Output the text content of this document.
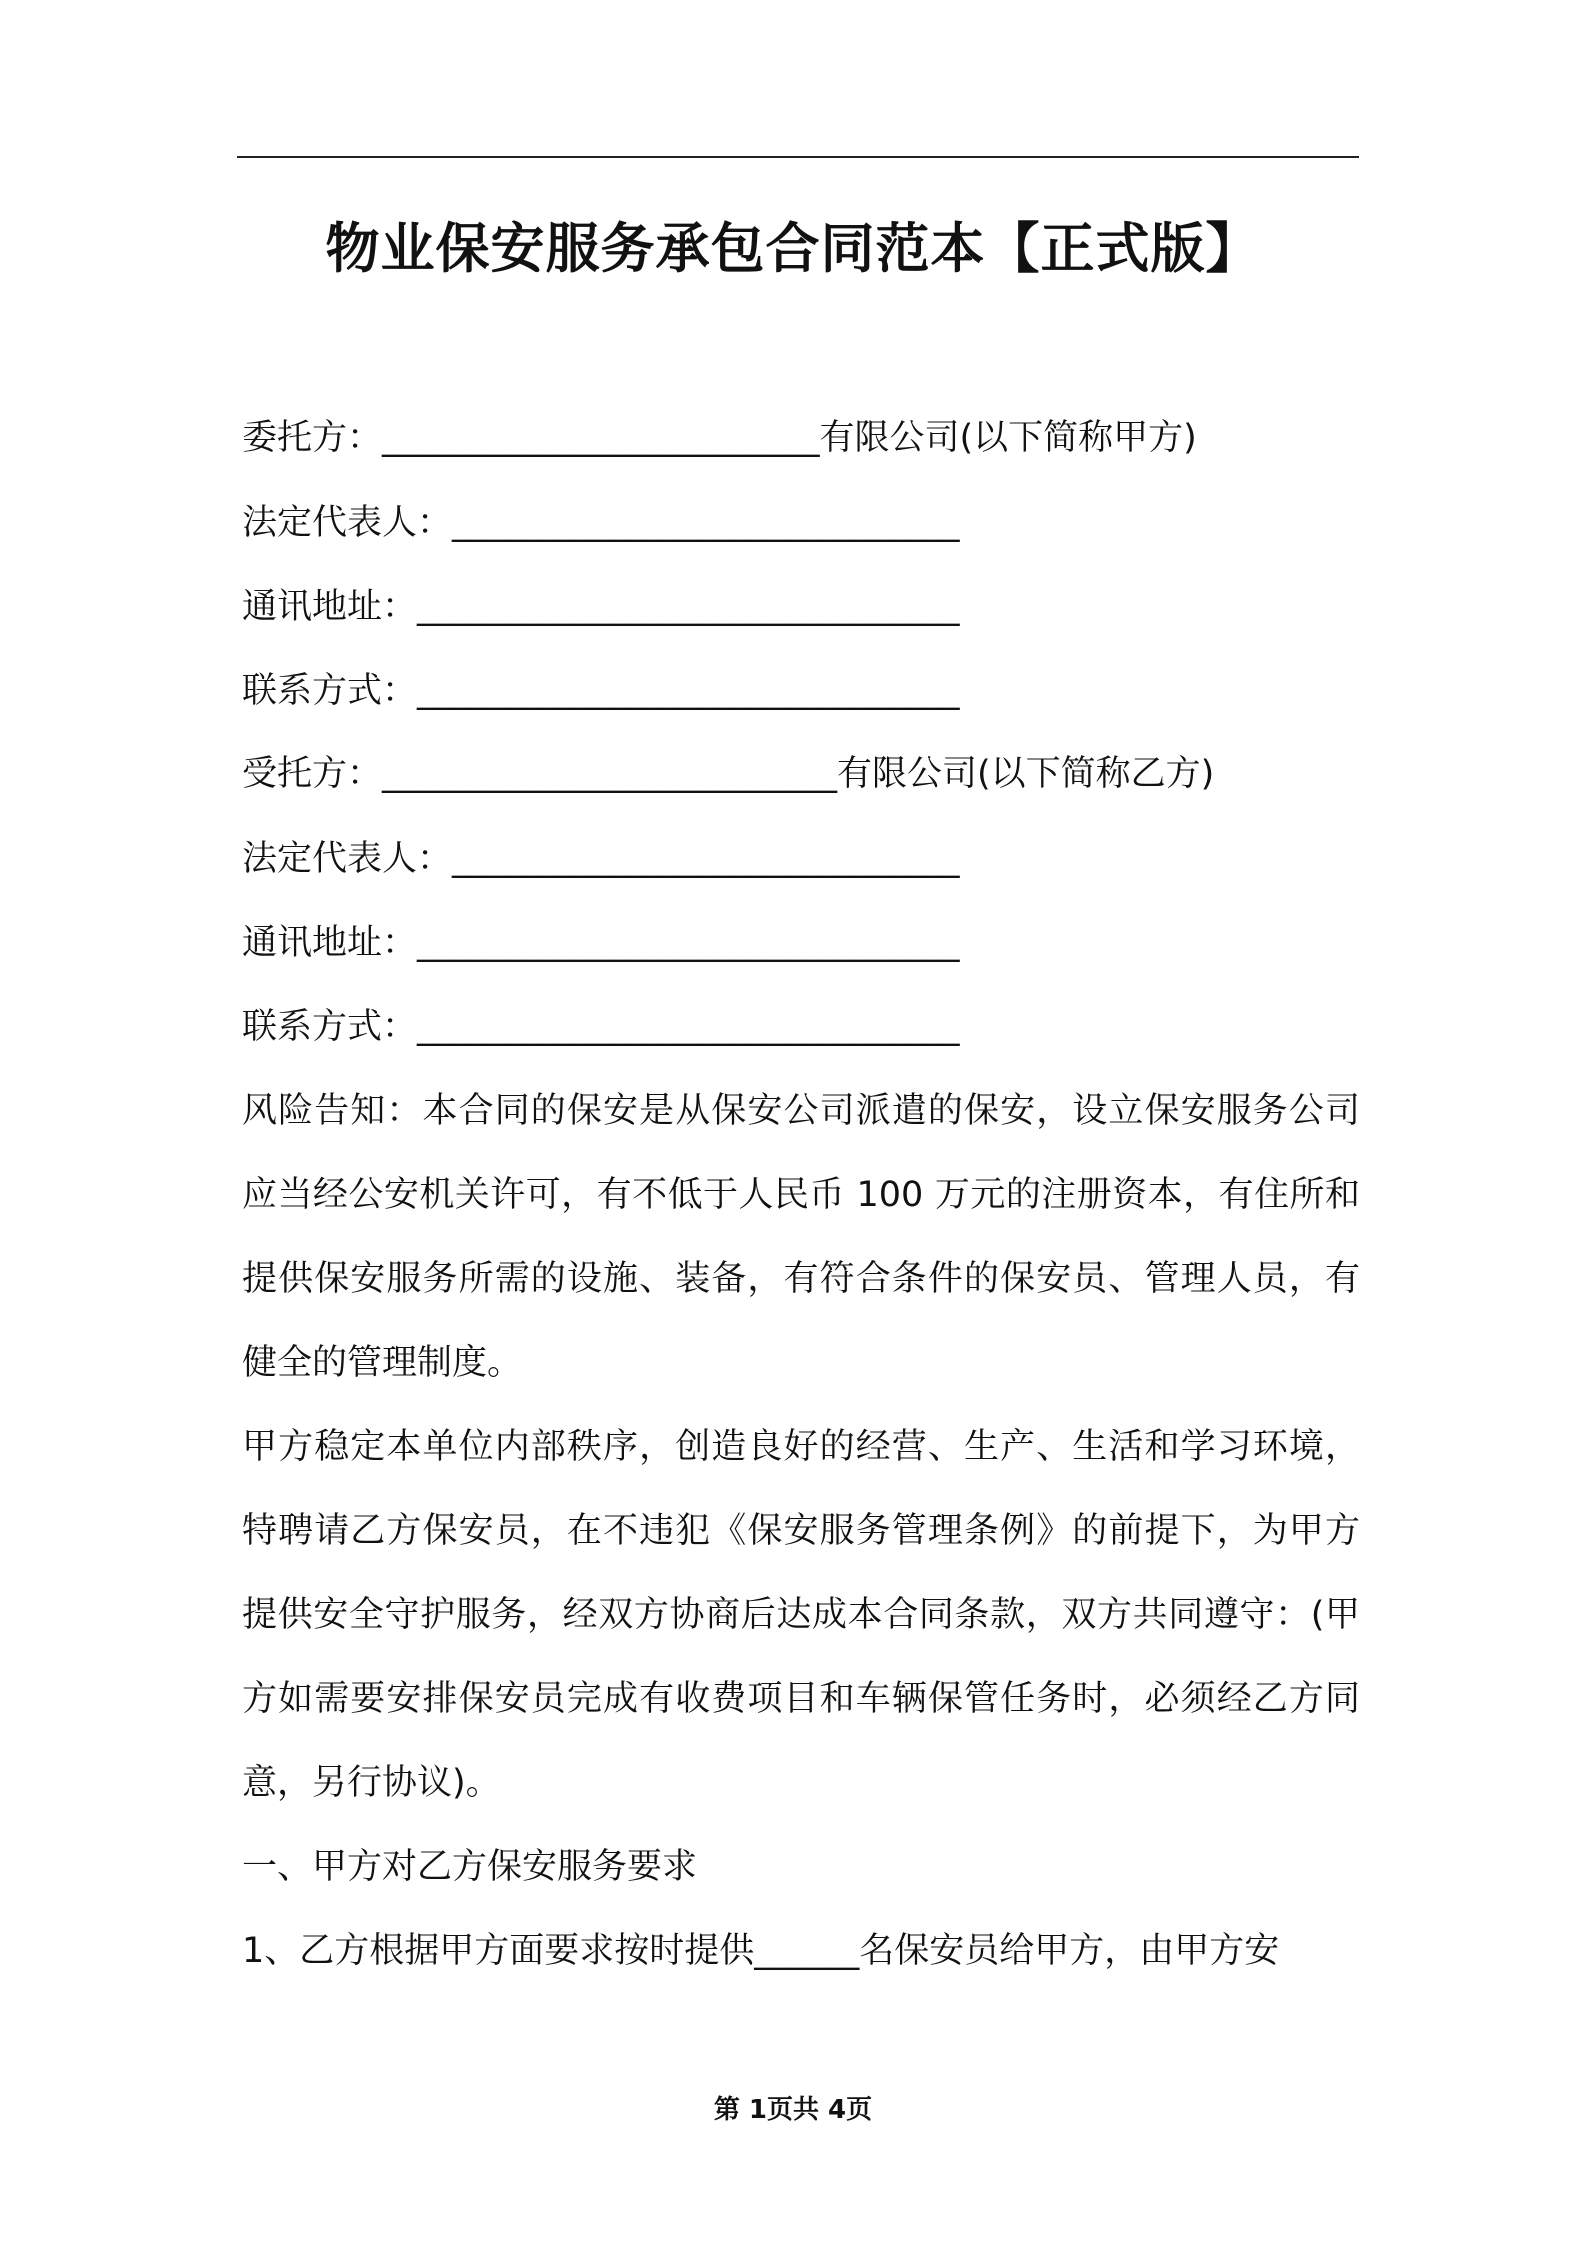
物业保安服务承包合同范本【正式版】

委托方：_________________________有限公司(以下简称甲方)

法定代表人：_____________________________

通讯地址：_______________________________

联系方式：_______________________________

受托方：__________________________有限公司(以下简称乙方)

法定代表人：_____________________________

通讯地址：_______________________________

联系方式：_______________________________

风险告知：本合同的保安是从保安公司派遣的保安，设立保安服务公司应当经公安机关许可，有不低于人民币 100 万元的注册资本，有住所和提供保安服务所需的设施、装备，有符合条件的保安员、管理人员，有健全的管理制度。

甲方稳定本单位内部秩序，创造良好的经营、生产、生活和学习环境，特聘请乙方保安员，在不违犯《保安服务管理条例》的前提下，为甲方提供安全守护服务，经双方协商后达成本合同条款，双方共同遵守：(甲方如需要安排保安员完成有收费项目和车辆保管任务时，必须经乙方同意，另行协议)。

一、甲方对乙方保安服务要求

1、乙方根据甲方面要求按时提供______名保安员给甲方，由甲方安

第 1页共 4页
